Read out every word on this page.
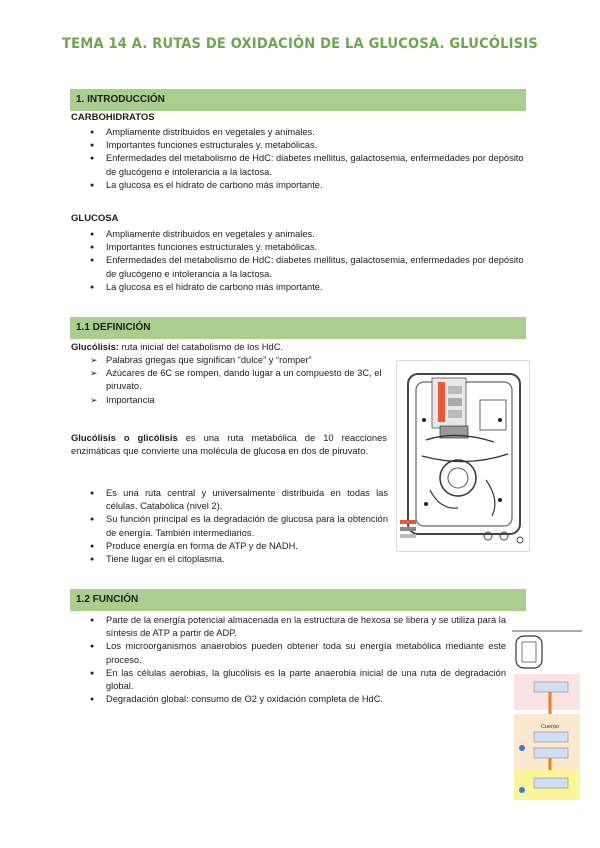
TEMA 14 A. RUTAS DE OXIDACIÓN DE LA GLUCOSA. GLUCÓLISIS
1. INTRODUCCIÓN
CARBOHIDRATOS
● Ampliamente distribuidos en vegetales y animales.
● Importantes funciones estructurales y. metabólicas.
● Enfermedades del metabolismo de HdC: diabetes mellitus, galactosemia, enfermedades por depósito de glucógeno e intolerancia a la lactosa.
● La glucosa es el hidrato de carbono más importante.
GLUCOSA
● Ampliamente distribuidos en vegetales y animales.
● Importantes funciones estructurales y. metabólicas.
● Enfermedades del metabolismo de HdC: diabetes mellitus, galactosemia, enfermedades por depósito de glucógeno e intolerancia a la lactosa.
● La glucosa es el hidrato de carbono más importante.
1.1 DEFINICIÓN

Glucólisis: ruta inicial del catabolismo de los HdC.

➢ Palabras griegas que significan “dulce” y “romper”
➢ Azúcares de 6C se rompen, dando lugar a un compuesto de 3C, el piruvato.
➢ Importancia

Glucólisis o glicólisis es una ruta metabólica de 10 reacciones enzimáticas que convierte una molécula de glucosa en dos de piruvato.

● Es una ruta central y universalmente distribuida en todas las células. Catabólica (nivel 2).
● Su función principal es la degradación de glucosa para la obtención de energía. También intermediarios.
● Produce energía en forma de ATP y de NADH.
● Tiene lugar en el citoplasma.
1.2 FUNCIÓN
● Parte de la energía potencial almacenada en la estructura de hexosa se libera y se utiliza para la síntesis de ATP a partir de ADP.
● Los microorganismos anaerobios pueden obtener toda su energía metabólica mediante este proceso.
● En las células aerobias, la glucólisis es la parte anaerobia inicial de una ruta de degradación global.
● Degradación global: consumo de O2 y oxidación completa de HdC.
Cuerpo
